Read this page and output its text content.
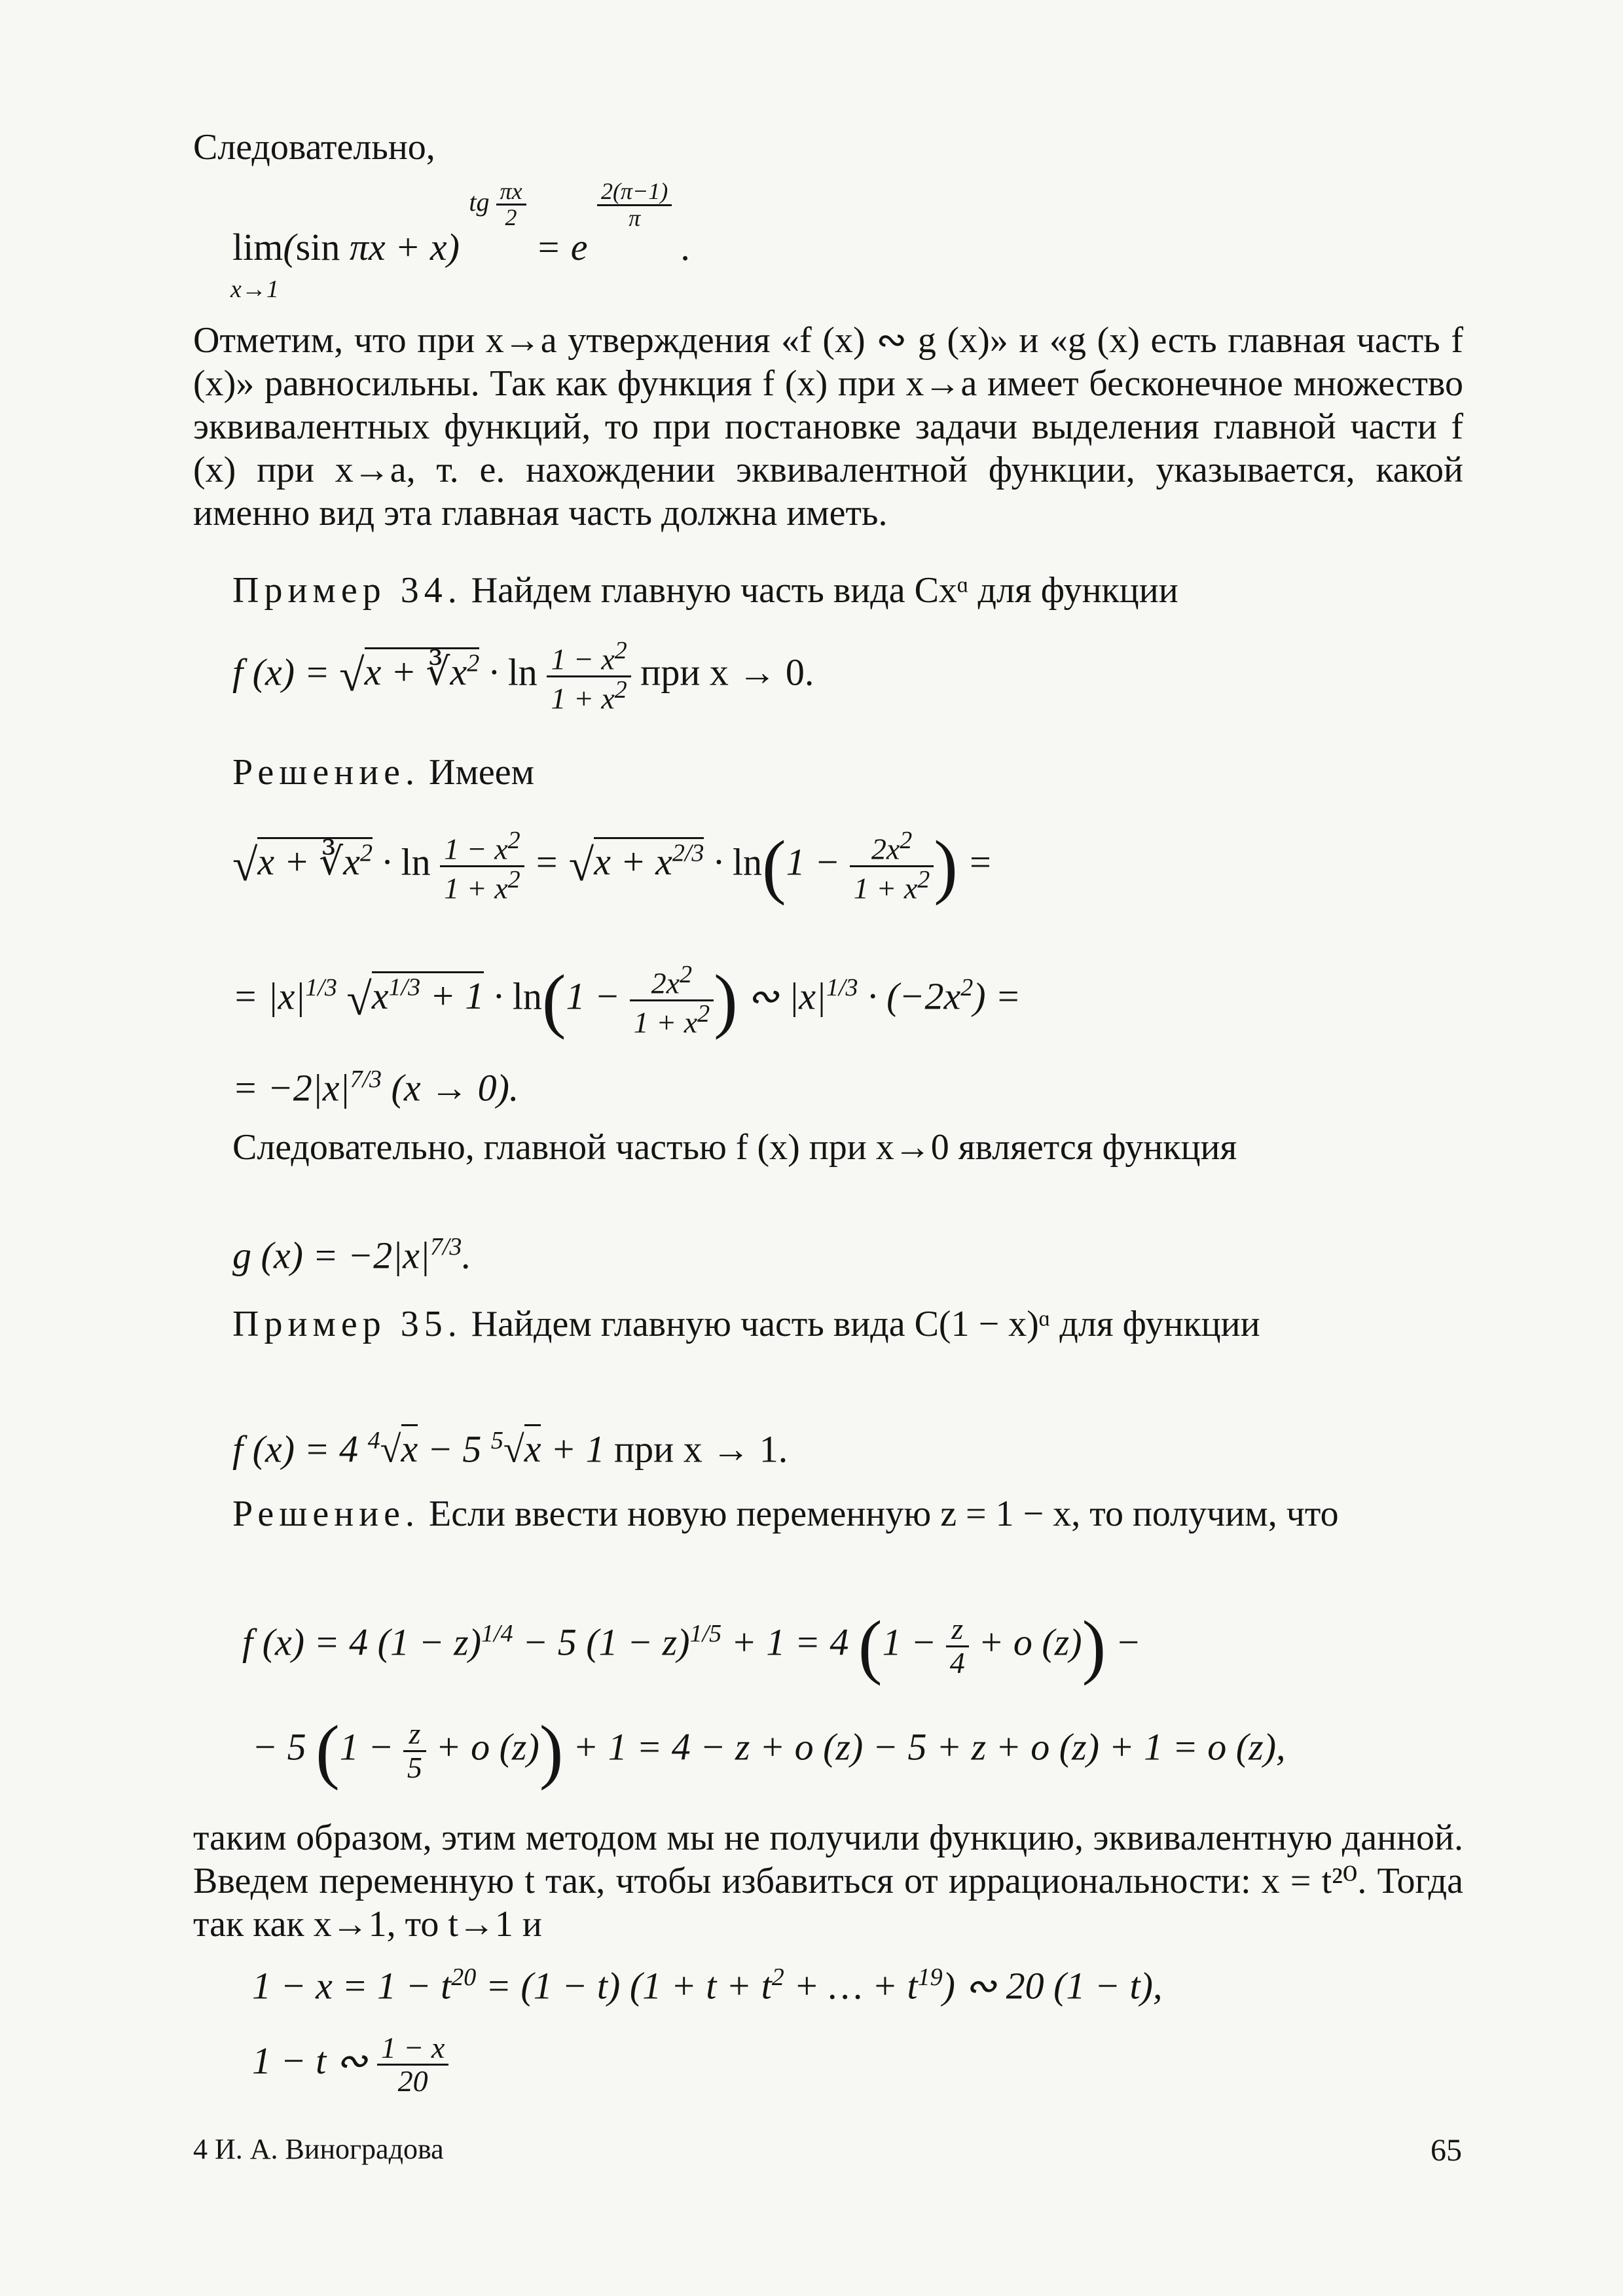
Следовательно,

lim(sin πx + x) $^{tg \frac{\pi x}{2}}$
= e
$^{\frac{2(\pi-1)}{\pi}}$
.
x→1

Отметим, что при x→a утверждения «f (x) ∾ g (x)» и «g (x) есть главная часть f (x)» равносильны. Так как функция f (x) при x→a имеет бесконечное множество эквивалентных функций, то при постановке задачи выделения главной части f (x) при x→a, т. е. нахождении эквивалентной функции, указывается, какой именно вид эта главная часть должна иметь.

Пример 34. Найдем главную часть вида Cxᵅ для функции

f $(x) = √x + ∛x^2 \cdot \ln \frac{1 - x^2}{1 + x^2}$ при x → 0.

Решение. Имеем

$√x + ∛x^2 \cdot \ln \frac{1 - x^2}{1 + x^2} = √x + x^{2/3} \cdot \ln(1 - \frac{2x^2}{1 + x^2}$ ) =
= $|x|^{1/3}$ $√x^{1/3} + 1 \cdot \ln(1 - \frac{2x^2}{1 + x^2}$ ) ∾ $|x|^{1/3} \cdot (-2x^2)$ =
= $-2|x|^{7/3}$ (x → 0).

Следовательно, главной частью f (x) при x→0 является функция

g $(x) = -2|x|^{7/3}$.

Пример 35. Найдем главную часть вида C(1 − x)ᵅ для функции

f (x) = 4 $^4$√x − 5 $^5$√x + 1 при x → 1.

Решение. Если ввести новую переменную z = 1 − x, то получим, что

f (x) = 4 $(1 - z)^{1/4} - 5$ $(1 - z)^{1/5} + 1 = 4$ ($1 - \frac{z}{4} + o$ (z)) −
− 5 ($1 - \frac{z}{5} + o$ (z)) + 1 = 4 − z + o (z) − 5 + z + o (z) + 1 = o (z),

таким образом, этим методом мы не получили функцию, эквивалентную данной. Введем переменную t так, чтобы избавиться от иррациональности: x = t²⁰. Тогда так как x→1, то t→1 и

$1 - x = 1 - t^{20} = (1 - t) (1 + t + t^2$ + … + $t^{19}$) ∾ 20 (1 − t),
1 − t ∾ $\frac{1 - x}{20}$
4 И. А. Виноградова	65
